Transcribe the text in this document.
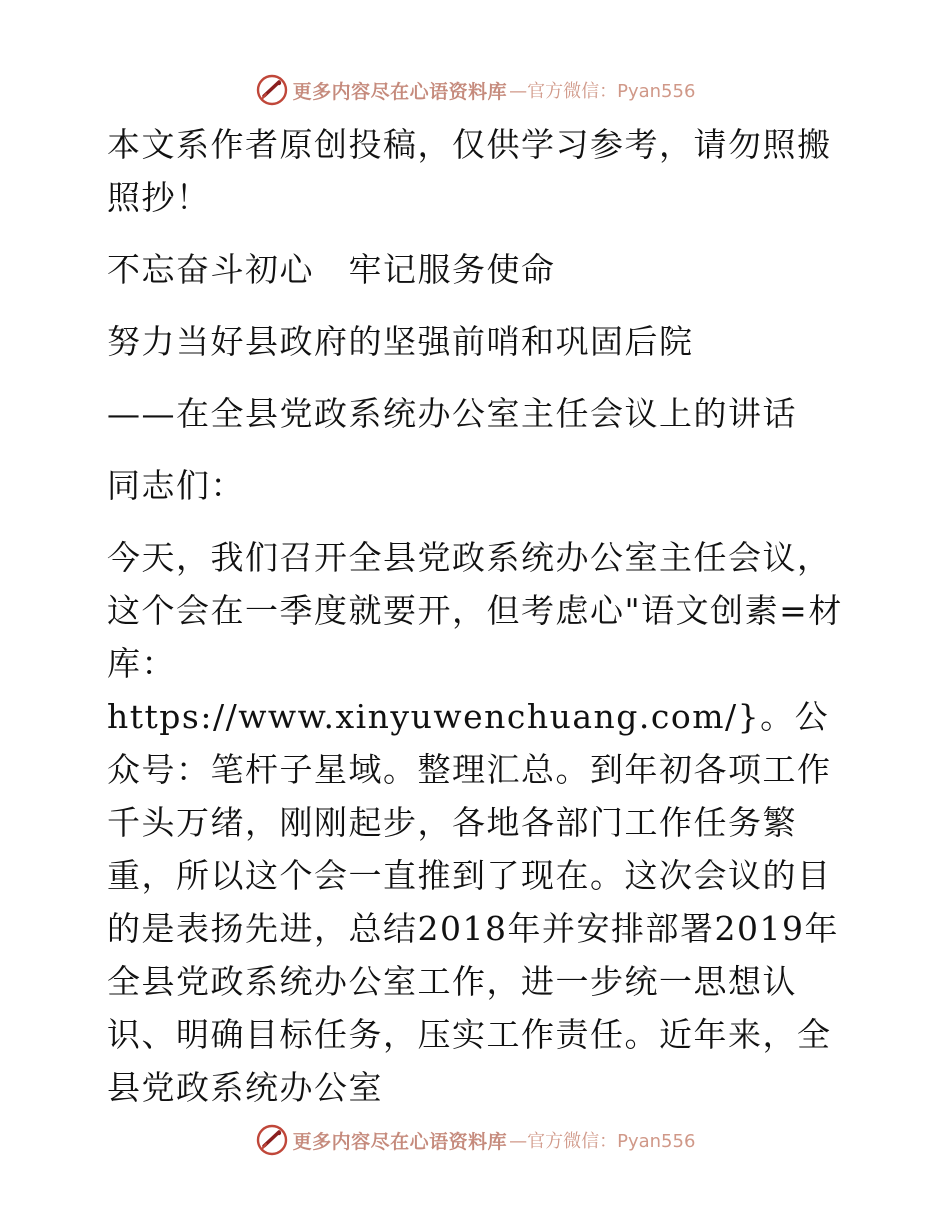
更多内容尽在心语资料库 —官方微信：Pyan556

本文系作者原创投稿，仅供学习参考，请勿照搬照抄！

不忘奋斗初心　牢记服务使命

努力当好县政府的坚强前哨和巩固后院

——在全县党政系统办公室主任会议上的讲话

同志们：

今天，我们召开全县党政系统办公室主任会议，这个会在一季度就要开，但考虑心"语文创素=材库：https://www.xinyuwenchuang.com/}。公众号：笔杆子星域。整理汇总。到年初各项工作千头万绪，刚刚起步，各地各部门工作任务繁重，所以这个会一直推到了现在。这次会议的目的是表扬先进，总结2018年并安排部署2019年全县党政系统办公室工作，进一步统一思想认识、明确目标任务，压实工作责任。近年来，全县党政系统办公室

更多内容尽在心语资料库 —官方微信：Pyan556
